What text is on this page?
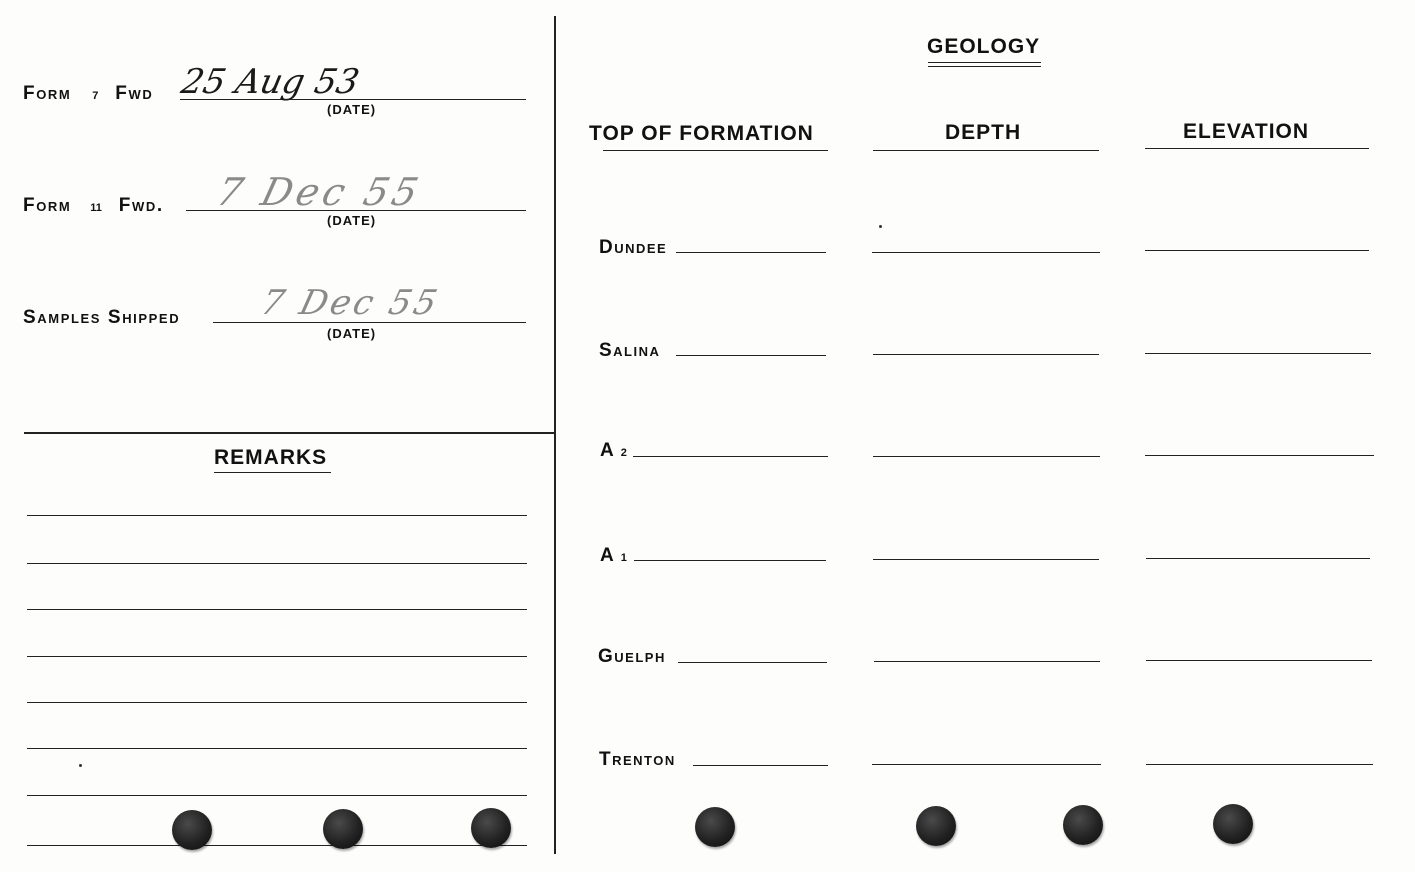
Form 7 Fwd 25 Aug 53
(DATE)
Form 11 Fwd. 7 Dec 55
(DATE)
Samples Shipped 7 Dec 55
(DATE)
REMARKS
GEOLOGY
TOP OF FORMATION	DEPTH	ELEVATION
Dundee
Salina
A 2
A 1
Guelph
Trenton
